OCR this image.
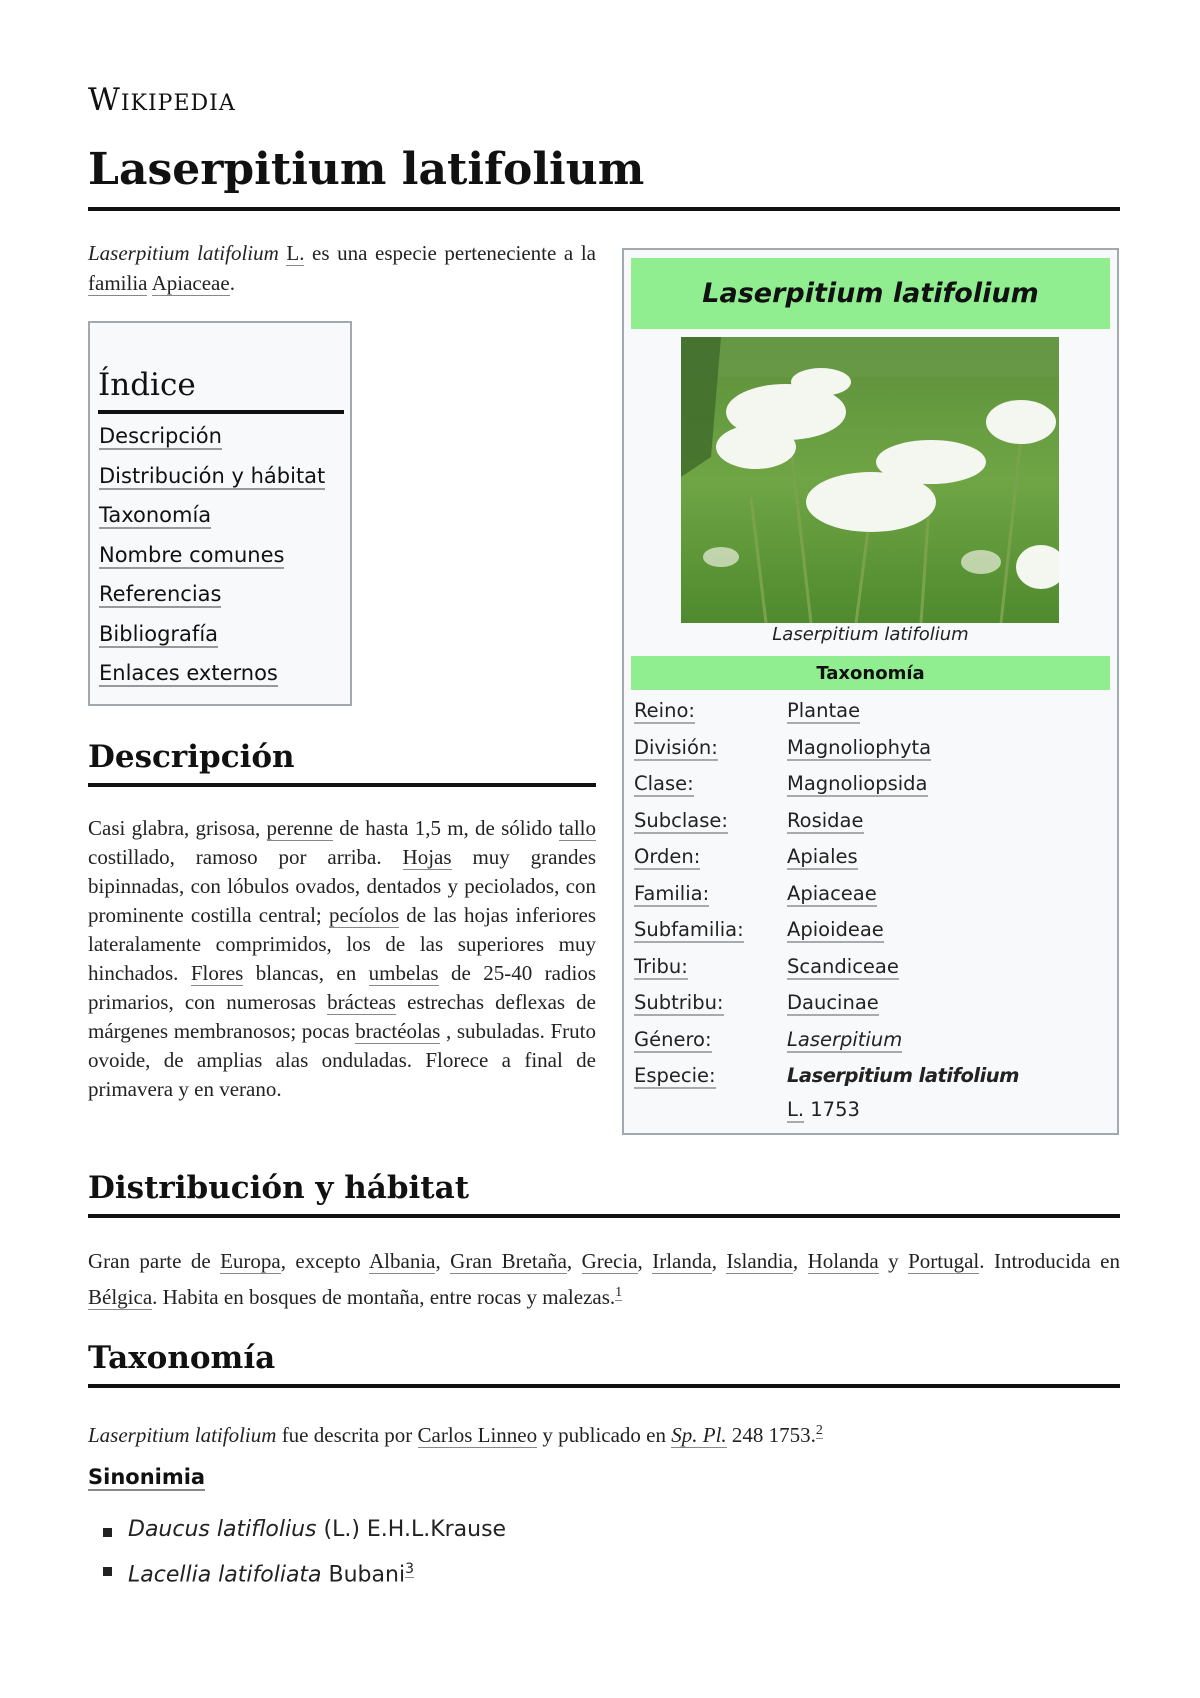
Wikipedia
Laserpitium latifolium

Laserpitium latifolium L. es una especie perteneciente a la familia Apiaceae.

Índice
Descripción
Distribución y hábitat
Taxonomía
Nombre comunes
Referencias
Bibliografía
Enlaces externos
Descripción

Casi glabra, grisosa, perenne de hasta 1,5 m, de sólido tallo costillado, ramoso por arriba. Hojas muy grandes bipinnadas, con lóbulos ovados, dentados y peciolados, con prominente costilla central; pecíolos de las hojas inferiores lateralamente comprimidos, los de las superiores muy hinchados. Flores blancas, en umbelas de 25-40 radios primarios, con numerosas brácteas estrechas deflexas de márgenes membranosos; pocas bractéolas , subuladas. Fruto ovoide, de amplias alas onduladas. Florece a final de primavera y en verano.

Laserpitium latifolium
Laserpitium latifolium
Taxonomía
Reino:	Plantae
División:	Magnoliophyta
Clase:	Magnoliopsida
Subclase:	Rosidae
Orden:	Apiales
Familia:	Apiaceae
Subfamilia: Apioideae
Tribu:	Scandiceae
Subtribu:	Daucinae
Género:	Laserpitium
Especie:	Laserpitium latifolium
L. 1753
Distribución y hábitat

Gran parte de Europa, excepto Albania, Gran Bretaña, Grecia, Irlanda, Islandia, Holanda y Portugal. Introducida en Bélgica. Habita en bosques de montaña, entre rocas y malezas.$^1$

Taxonomía

Laserpitium latifolium fue descrita por Carlos Linneo y publicado en Sp. Pl. 248 1753.$^2$

Sinonimia
Daucus latiflolius (L.) E.H.L.Krause
Lacellia latifoliata Bubani$^3$
